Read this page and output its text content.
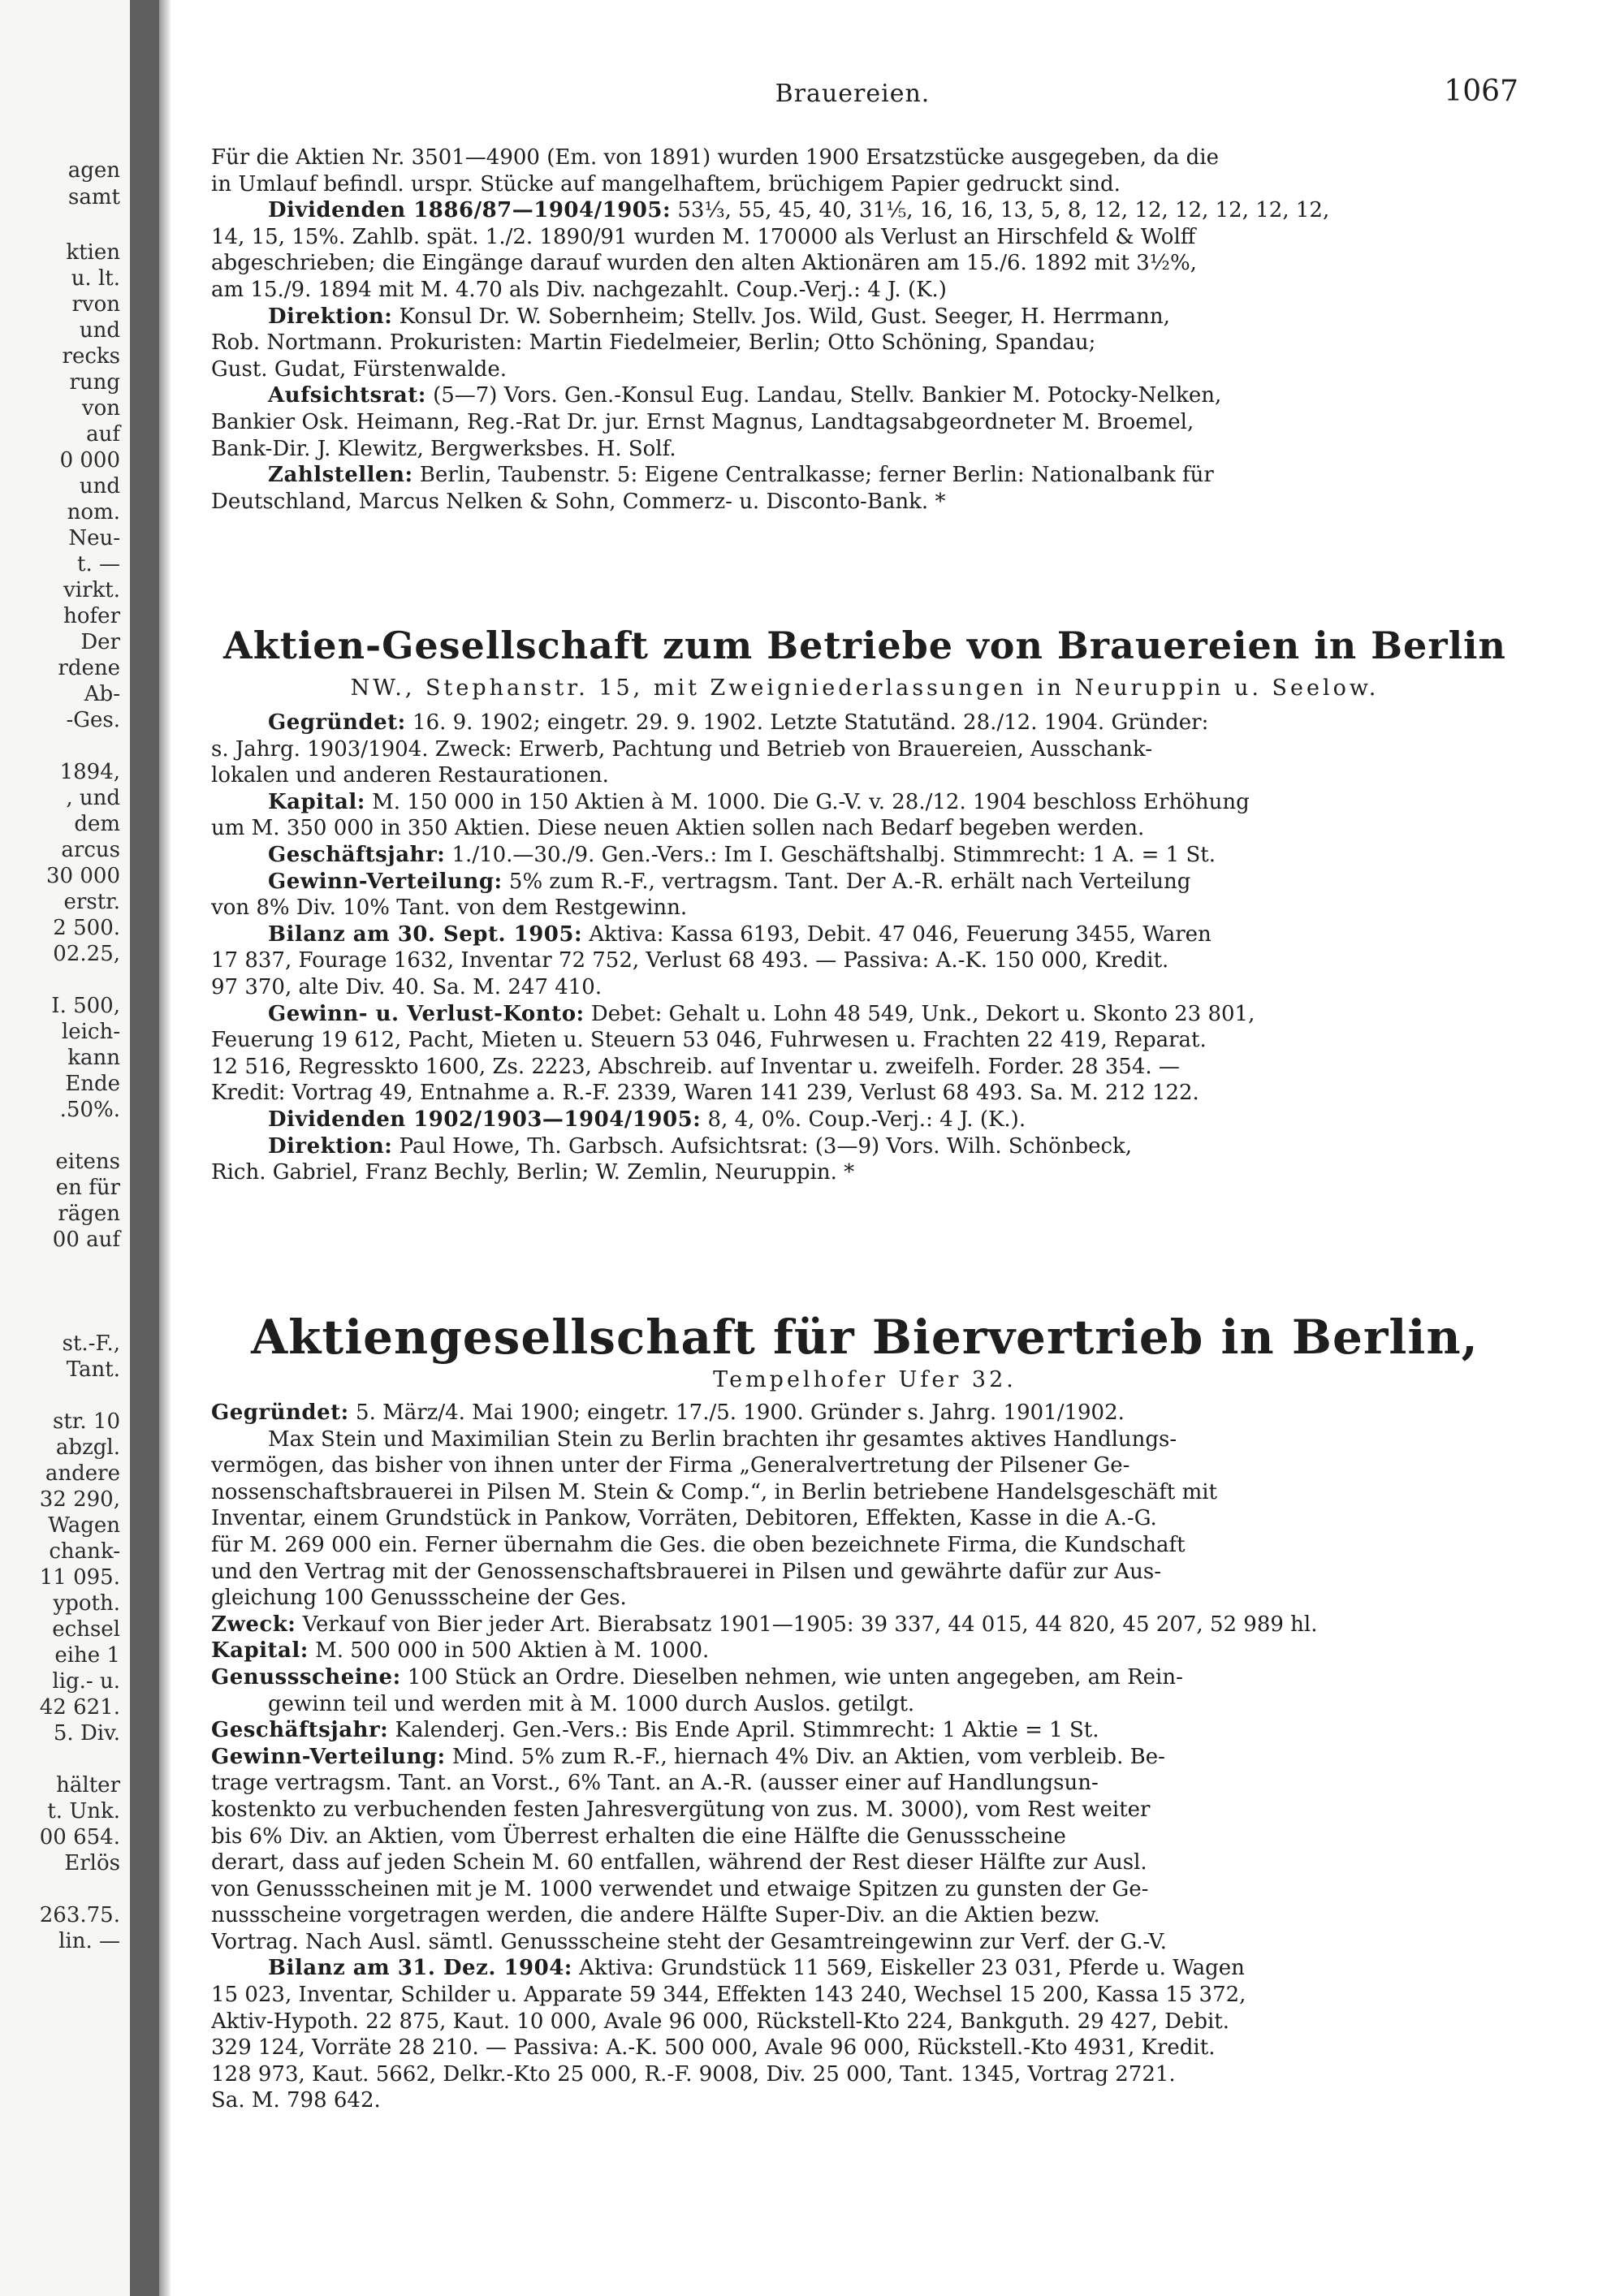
agen
samt
ktien
u. lt.
rvon
und
recks
rung
von
auf
0 000
und
nom.
Neu-
t. —
virkt.
hofer
Der
rdene
Ab-
-Ges.
1894,
, und
dem
arcus
30 000
erstr.
2 500.
02.25,
I. 500,
leich-
kann
Ende
.50%.
eitens
en für
rägen
00 auf
st.-F.,
Tant.
str. 10
abzgl.
andere
32 290,
Wagen
chank-
11 095.
ypoth.
echsel
eihe 1
lig.- u.
42 621.
5. Div.
hälter
t. Unk.
00 654.
Erlös
263.75.
lin. —
Brauereien.	1067

Für die Aktien Nr. 3501—4900 (Em. von 1891) wurden 1900 Ersatzstücke ausgegeben, da die

in Umlauf befindl. urspr. Stücke auf mangelhaftem, brüchigem Papier gedruckt sind.

Dividenden 1886/87—1904/1905: 53⅓, 55, 45, 40, 31⅕, 16, 16, 13, 5, 8, 12, 12, 12, 12, 12, 12,

14, 15, 15%. Zahlb. spät. 1./2. 1890/91 wurden M. 170000 als Verlust an Hirschfeld & Wolff

abgeschrieben; die Eingänge darauf wurden den alten Aktionären am 15./6. 1892 mit 3½%,

am 15./9. 1894 mit M. 4.70 als Div. nachgezahlt. Coup.-Verj.: 4 J. (K.)

Direktion: Konsul Dr. W. Sobernheim; Stellv. Jos. Wild, Gust. Seeger, H. Herrmann,

Rob. Nortmann. Prokuristen: Martin Fiedelmeier, Berlin; Otto Schöning, Spandau;

Gust. Gudat, Fürstenwalde.

Aufsichtsrat: (5—7) Vors. Gen.-Konsul Eug. Landau, Stellv. Bankier M. Potocky-Nelken,

Bankier Osk. Heimann, Reg.-Rat Dr. jur. Ernst Magnus, Landtagsabgeordneter M. Broemel,

Bank-Dir. J. Klewitz, Bergwerksbes. H. Solf.

Zahlstellen: Berlin, Taubenstr. 5: Eigene Centralkasse; ferner Berlin: Nationalbank für

Deutschland, Marcus Nelken & Sohn, Commerz- u. Disconto-Bank. *

Aktien-Gesellschaft zum Betriebe von Brauereien in Berlin

NW., Stephanstr. 15, mit Zweigniederlassungen in Neuruppin u. Seelow.

Gegründet: 16. 9. 1902; eingetr. 29. 9. 1902. Letzte Statutänd. 28./12. 1904. Gründer:

s. Jahrg. 1903/1904. Zweck: Erwerb, Pachtung und Betrieb von Brauereien, Ausschank-

lokalen und anderen Restaurationen.

Kapital: M. 150 000 in 150 Aktien à M. 1000. Die G.-V. v. 28./12. 1904 beschloss Erhöhung

um M. 350 000 in 350 Aktien. Diese neuen Aktien sollen nach Bedarf begeben werden.

Geschäftsjahr: 1./10.—30./9. Gen.-Vers.: Im I. Geschäftshalbj. Stimmrecht: 1 A. = 1 St.

Gewinn-Verteilung: 5% zum R.-F., vertragsm. Tant. Der A.-R. erhält nach Verteilung

von 8% Div. 10% Tant. von dem Restgewinn.

Bilanz am 30. Sept. 1905: Aktiva: Kassa 6193, Debit. 47 046, Feuerung 3455, Waren

17 837, Fourage 1632, Inventar 72 752, Verlust 68 493. — Passiva: A.-K. 150 000, Kredit.

97 370, alte Div. 40. Sa. M. 247 410.

Gewinn- u. Verlust-Konto: Debet: Gehalt u. Lohn 48 549, Unk., Dekort u. Skonto 23 801,

Feuerung 19 612, Pacht, Mieten u. Steuern 53 046, Fuhrwesen u. Frachten 22 419, Reparat.

12 516, Regresskto 1600, Zs. 2223, Abschreib. auf Inventar u. zweifelh. Forder. 28 354. —

Kredit: Vortrag 49, Entnahme a. R.-F. 2339, Waren 141 239, Verlust 68 493. Sa. M. 212 122.

Dividenden 1902/1903—1904/1905: 8, 4, 0%. Coup.-Verj.: 4 J. (K.).

Direktion: Paul Howe, Th. Garbsch. Aufsichtsrat: (3—9) Vors. Wilh. Schönbeck,

Rich. Gabriel, Franz Bechly, Berlin; W. Zemlin, Neuruppin. *

Aktiengesellschaft für Biervertrieb in Berlin,

Tempelhofer Ufer 32.

Gegründet: 5. März/4. Mai 1900; eingetr. 17./5. 1900. Gründer s. Jahrg. 1901/1902.

Max Stein und Maximilian Stein zu Berlin brachten ihr gesamtes aktives Handlungs-

vermögen, das bisher von ihnen unter der Firma „Generalvertretung der Pilsener Ge-

nossenschaftsbrauerei in Pilsen M. Stein & Comp.“, in Berlin betriebene Handelsgeschäft mit

Inventar, einem Grundstück in Pankow, Vorräten, Debitoren, Effekten, Kasse in die A.-G.

für M. 269 000 ein. Ferner übernahm die Ges. die oben bezeichnete Firma, die Kundschaft

und den Vertrag mit der Genossenschaftsbrauerei in Pilsen und gewährte dafür zur Aus-

gleichung 100 Genussscheine der Ges.

Zweck: Verkauf von Bier jeder Art. Bierabsatz 1901—1905: 39 337, 44 015, 44 820, 45 207, 52 989 hl.

Kapital: M. 500 000 in 500 Aktien à M. 1000.

Genussscheine: 100 Stück an Ordre. Dieselben nehmen, wie unten angegeben, am Rein-

gewinn teil und werden mit à M. 1000 durch Auslos. getilgt.

Geschäftsjahr: Kalenderj. Gen.-Vers.: Bis Ende April. Stimmrecht: 1 Aktie = 1 St.

Gewinn-Verteilung: Mind. 5% zum R.-F., hiernach 4% Div. an Aktien, vom verbleib. Be-

trage vertragsm. Tant. an Vorst., 6% Tant. an A.-R. (ausser einer auf Handlungsun-

kostenkto zu verbuchenden festen Jahresvergütung von zus. M. 3000), vom Rest weiter

bis 6% Div. an Aktien, vom Überrest erhalten die eine Hälfte die Genussscheine

derart, dass auf jeden Schein M. 60 entfallen, während der Rest dieser Hälfte zur Ausl.

von Genussscheinen mit je M. 1000 verwendet und etwaige Spitzen zu gunsten der Ge-

nussscheine vorgetragen werden, die andere Hälfte Super-Div. an die Aktien bezw.

Vortrag. Nach Ausl. sämtl. Genussscheine steht der Gesamtreingewinn zur Verf. der G.-V.

Bilanz am 31. Dez. 1904: Aktiva: Grundstück 11 569, Eiskeller 23 031, Pferde u. Wagen

15 023, Inventar, Schilder u. Apparate 59 344, Effekten 143 240, Wechsel 15 200, Kassa 15 372,

Aktiv-Hypoth. 22 875, Kaut. 10 000, Avale 96 000, Rückstell-Kto 224, Bankguth. 29 427, Debit.

329 124, Vorräte 28 210. — Passiva: A.-K. 500 000, Avale 96 000, Rückstell.-Kto 4931, Kredit.

128 973, Kaut. 5662, Delkr.-Kto 25 000, R.-F. 9008, Div. 25 000, Tant. 1345, Vortrag 2721.

Sa. M. 798 642.
